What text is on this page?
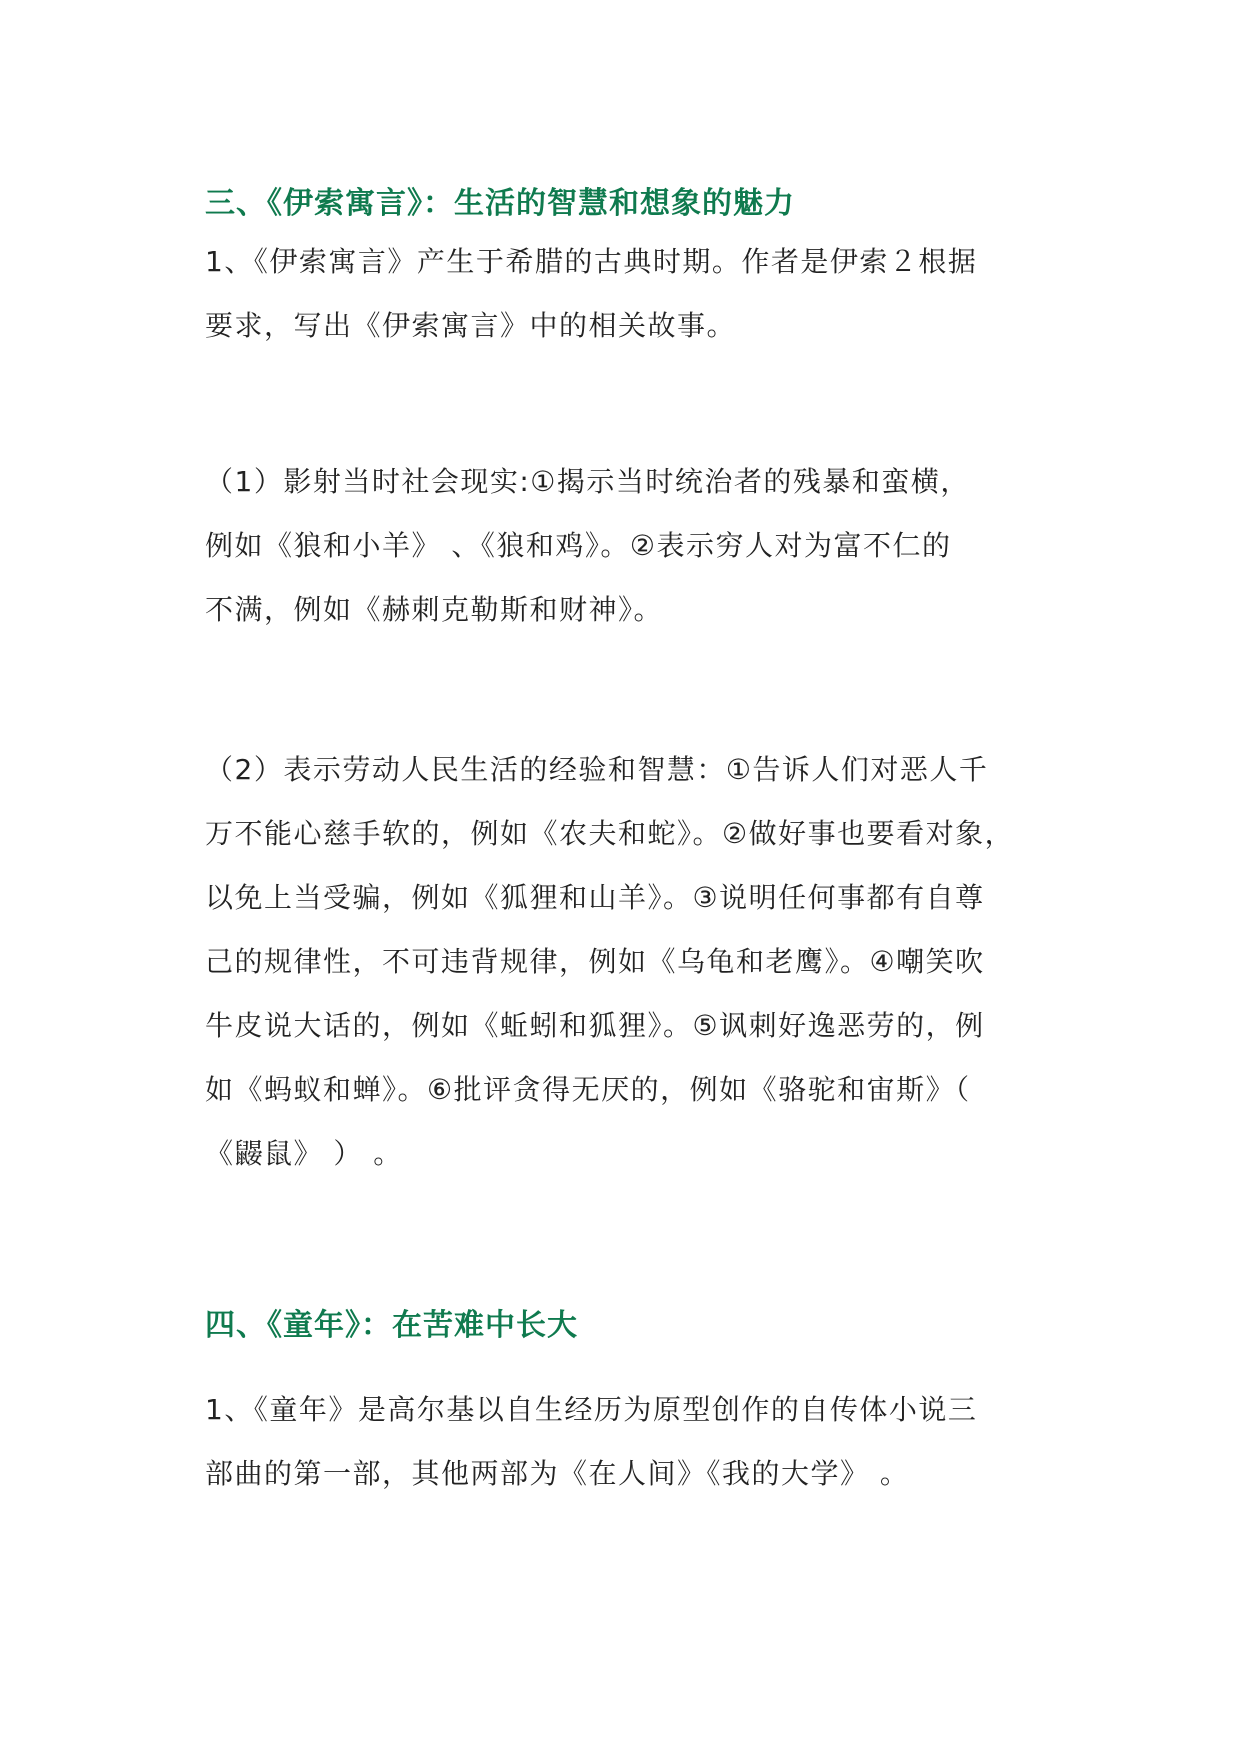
三、《伊索寓言》：生活的智慧和想象的魅力

1、《伊索寓言》产生于希腊的古典时期。作者是伊索２根据
要求，写出《伊索寓言》中的相关故事。

（1）影射当时社会现实:①揭示当时统治者的残暴和蛮横，
例如《狼和小羊》 、《狼和鸡》。②表示穷人对为富不仁的
不满，例如《赫刺克勒斯和财神》。

（2）表示劳动人民生活的经验和智慧：①告诉人们对恶人千
万不能心慈手软的，例如《农夫和蛇》。②做好事也要看对象，
以免上当受骗，例如《狐狸和山羊》。③说明任何事都有自尊
己的规律性，不可违背规律，例如《乌龟和老鹰》。④嘲笑吹
牛皮说大话的，例如《蚯蚓和狐狸》。⑤讽刺好逸恶劳的，例
如《蚂蚁和蝉》。⑥批评贪得无厌的，例如《骆驼和宙斯》（
《鼹鼠》 ） 。

四、《童年》：在苦难中长大

1、《童年》是高尔基以自生经历为原型创作的自传体小说三
部曲的第一部，其他两部为《在人间》《我的大学》 。
